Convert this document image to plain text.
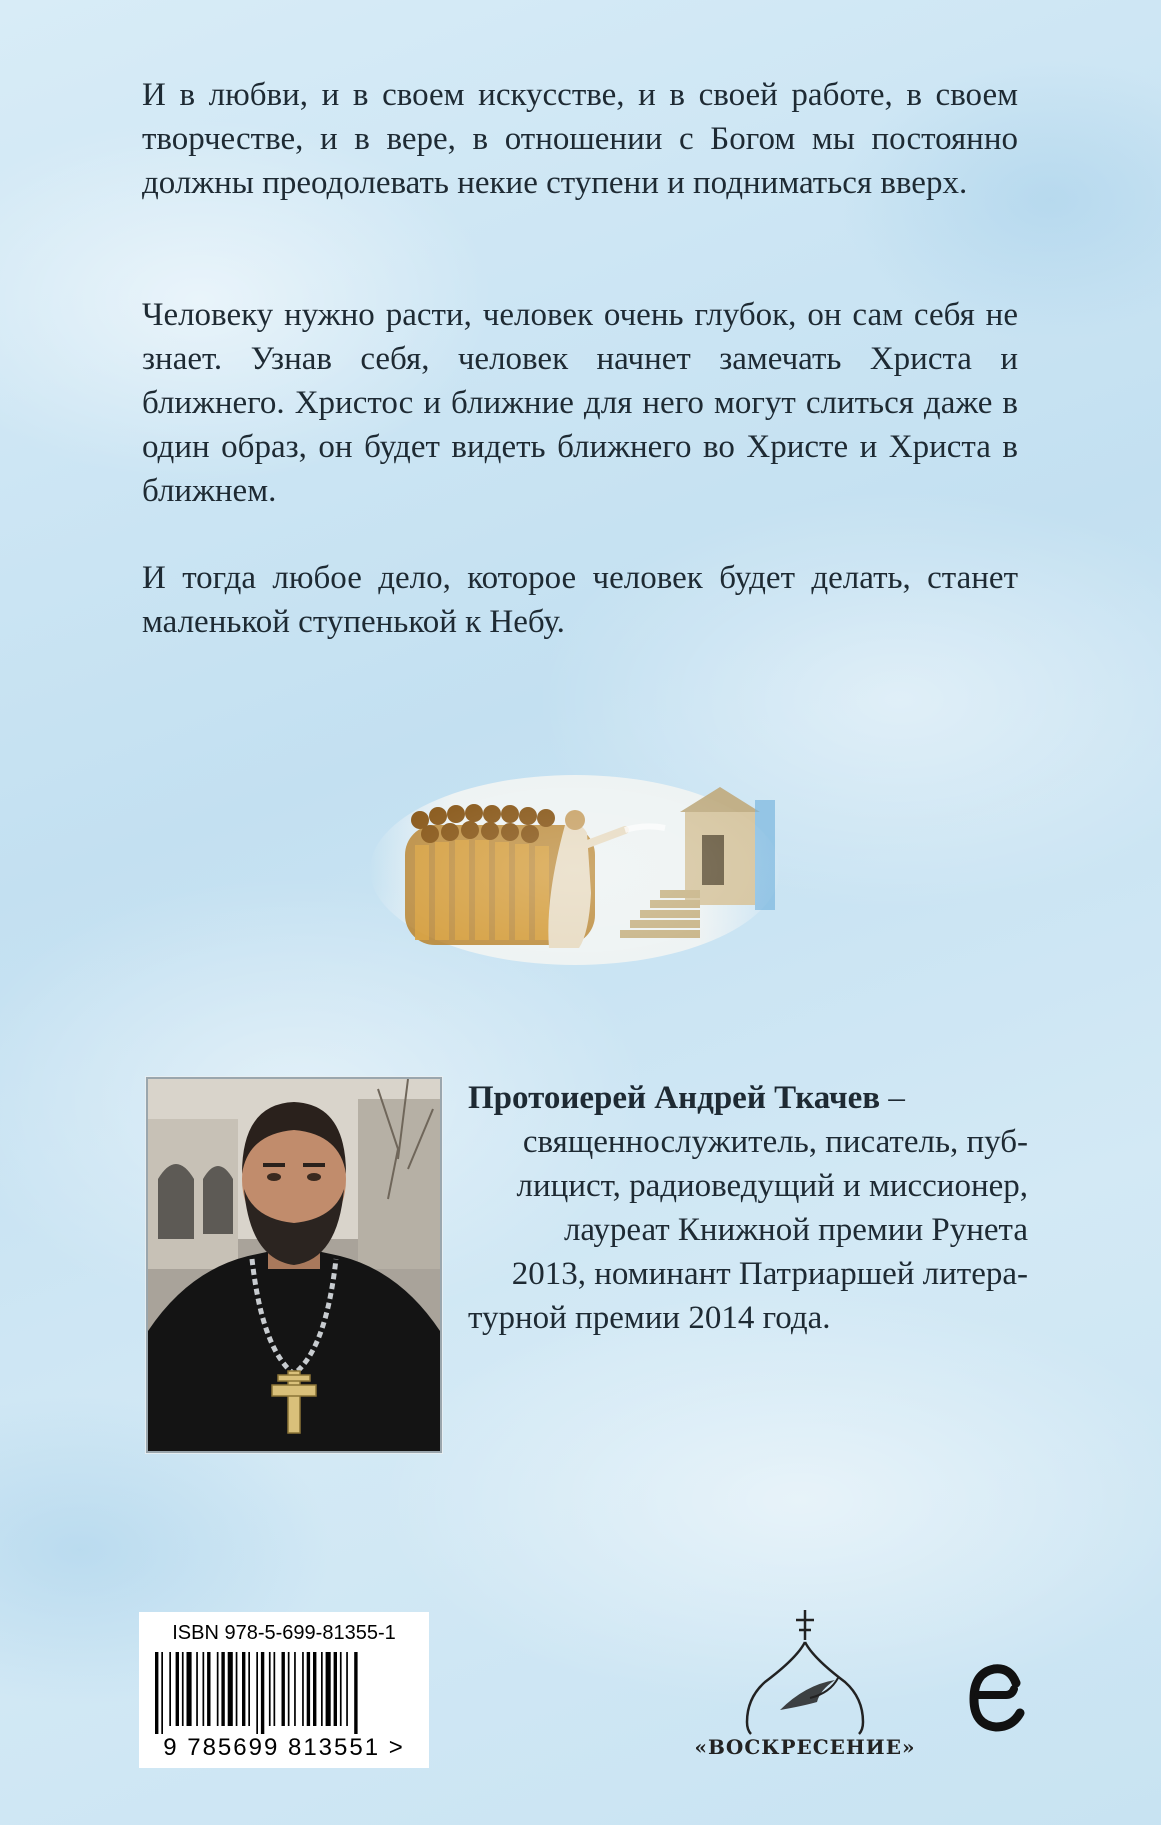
И в любви, и в своем искусстве, и в своей работе, в своем творчестве, и в вере, в отношении с Богом мы постоянно должны преодолевать некие ступени и подниматься вверх.

Человеку нужно расти, человек очень глубок, он сам себя не знает. Узнав себя, человек начнет замечать Христа и ближнего. Христос и ближние для него могут слиться даже в один образ, он будет видеть ближнего во Христе и Христа в ближнем.

И тогда любое дело, которое человек будет делать, станет маленькой ступенькой к Небу.

Протоиерей Андрей Ткачев –
священнослужитель, писатель, пуб-
лицист, радиоведущий и миссионер,
лауреат Книжной премии Рунета
2013, номинант Патриаршей литера-
турной премии 2014 года.

ISBN 978-5-699-81355-1
9 785699 813551 >	«ВОСКРЕСЕНИЕ»
